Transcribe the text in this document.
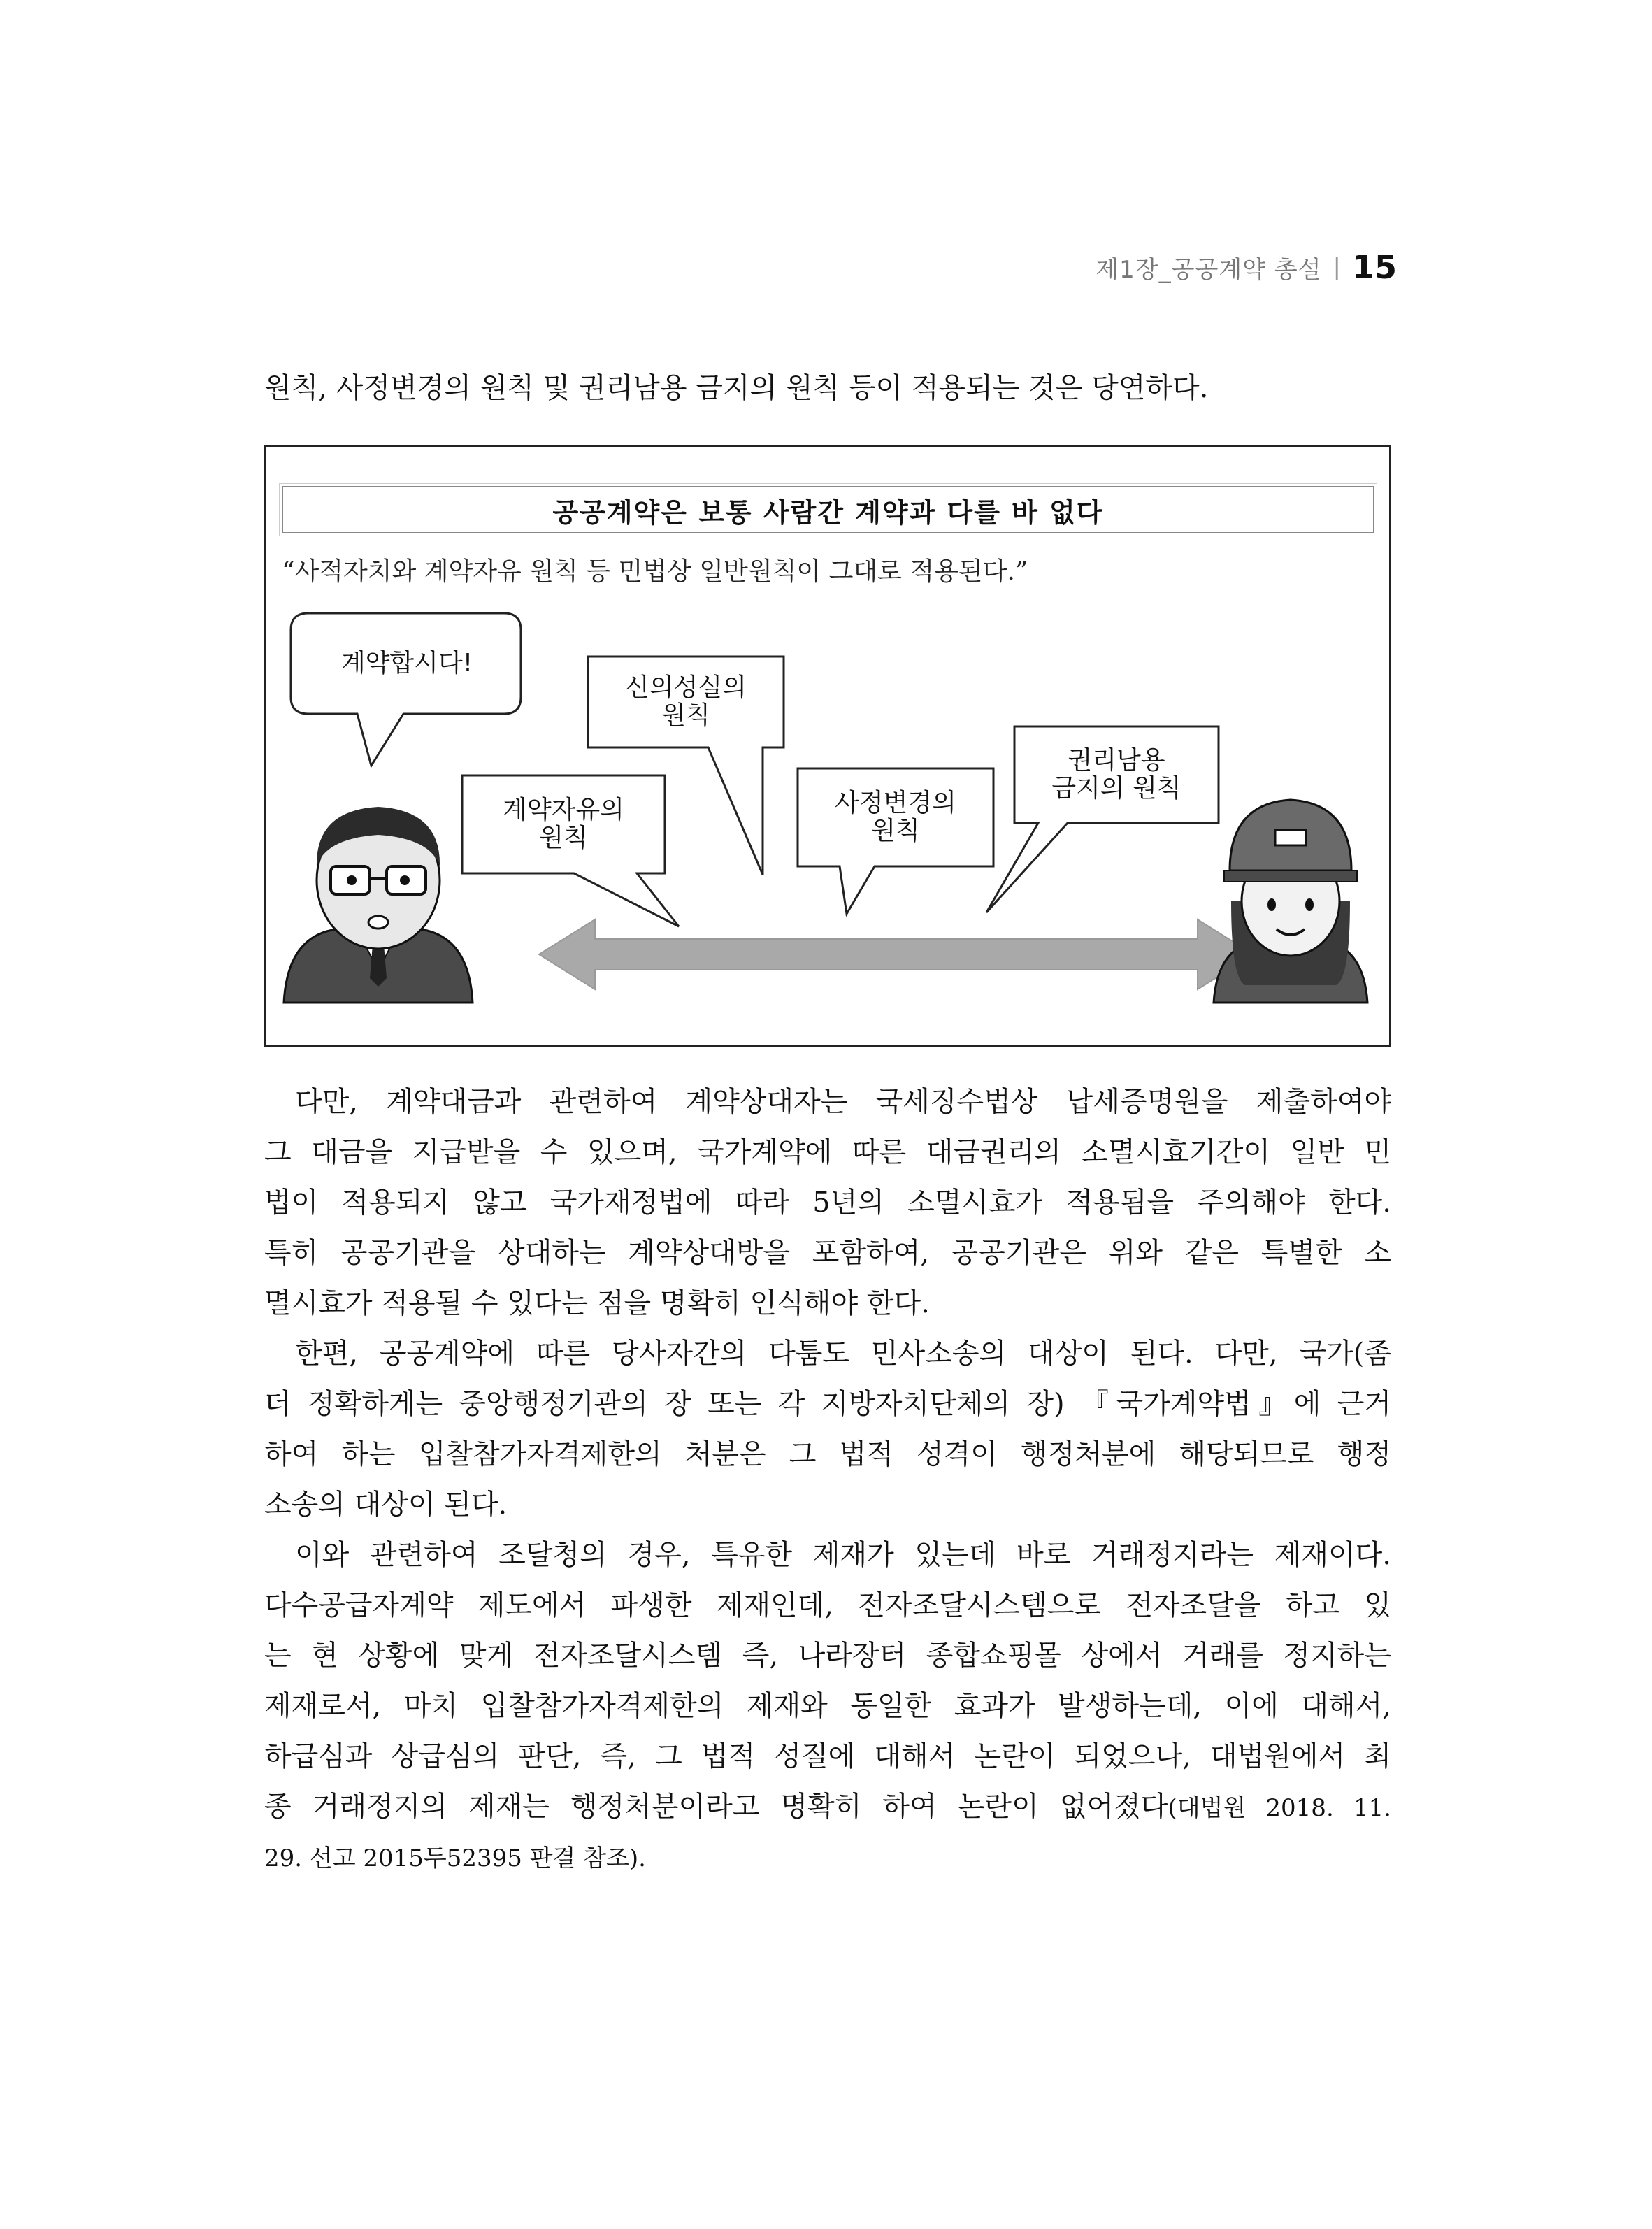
제1장_공공계약 총설 | 15
원칙, 사정변경의 원칙 및 권리남용 금지의 원칙 등이 적용되는 것은 당연하다.
공공계약은 보통 사람간 계약과 다를 바 없다
“사적자치와 계약자유 원칙 등 민법상 일반원칙이 그대로 적용된다.”
계약합시다!
신의성실의
원칙
계약자유의
원칙
사정변경의
원칙
권리남용
금지의 원칙
다만, 계약대금과 관련하여 계약상대자는 국세징수법상 납세증명원을 제출하여야
그 대금을 지급받을 수 있으며, 국가계약에 따른 대금권리의 소멸시효기간이 일반 민
법이 적용되지 않고 국가재정법에 따라 5년의 소멸시효가 적용됨을 주의해야 한다.
특히 공공기관을 상대하는 계약상대방을 포함하여, 공공기관은 위와 같은 특별한 소
멸시효가 적용될 수 있다는 점을 명확히 인식해야 한다.
한편, 공공계약에 따른 당사자간의 다툼도 민사소송의 대상이 된다. 다만, 국가(좀
더 정확하게는 중앙행정기관의 장 또는 각 지방자치단체의 장) 『국가계약법』에 근거
하여 하는 입찰참가자격제한의 처분은 그 법적 성격이 행정처분에 해당되므로 행정
소송의 대상이 된다.
이와 관련하여 조달청의 경우, 특유한 제재가 있는데 바로 거래정지라는 제재이다.
다수공급자계약 제도에서 파생한 제재인데, 전자조달시스템으로 전자조달을 하고 있
는 현 상황에 맞게 전자조달시스템 즉, 나라장터 종합쇼핑몰 상에서 거래를 정지하는
제재로서, 마치 입찰참가자격제한의 제재와 동일한 효과가 발생하는데, 이에 대해서,
하급심과 상급심의 판단, 즉, 그 법적 성질에 대해서 논란이 되었으나, 대법원에서 최
종 거래정지의 제재는 행정처분이라고 명확히 하여 논란이 없어졌다(대법원 2018. 11.
29. 선고 2015두52395 판결 참조).
